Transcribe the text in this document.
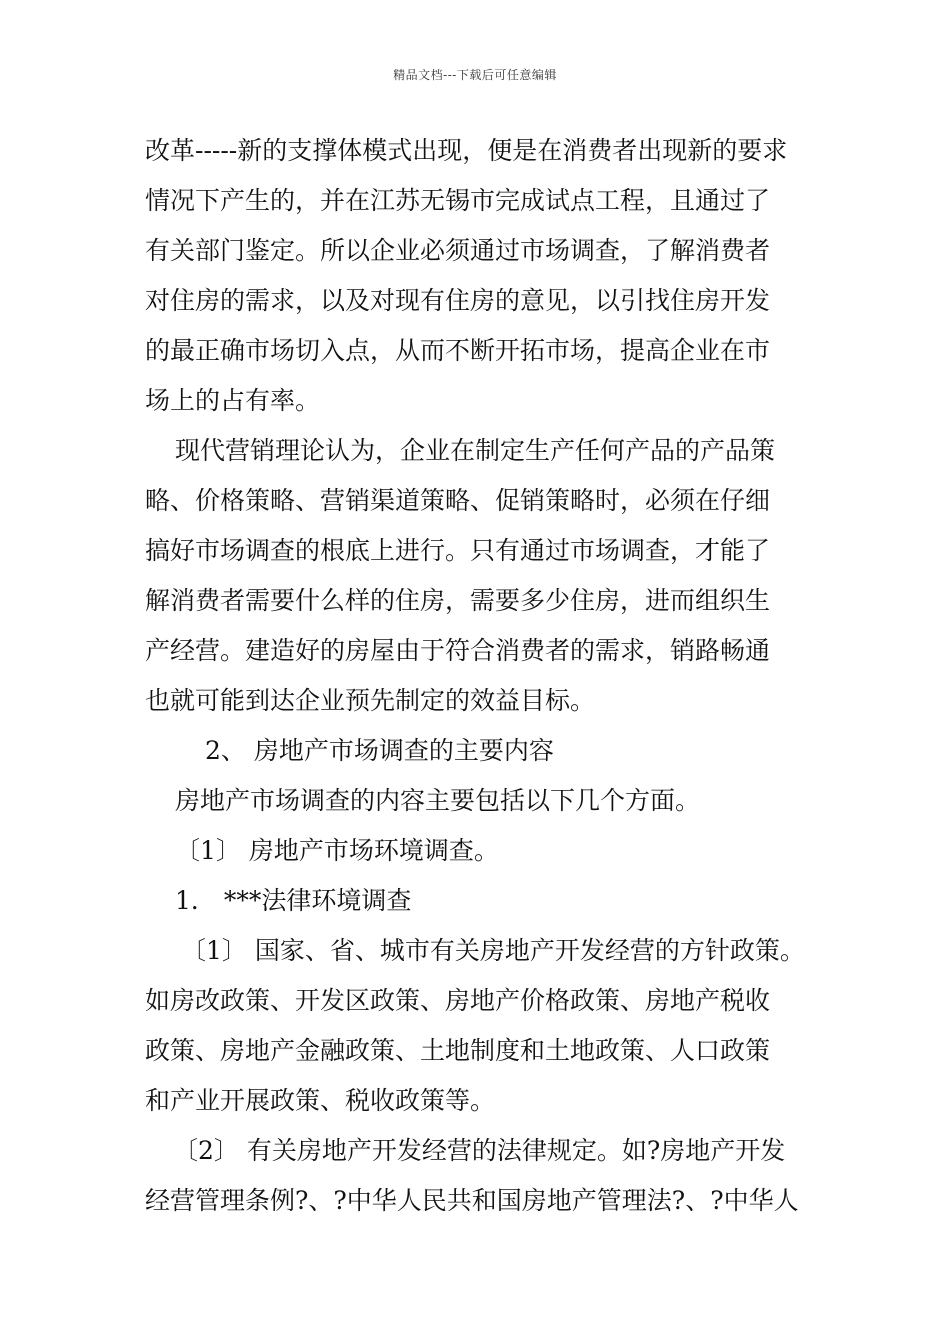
精品文档---下载后可任意编辑
改革-----新的支撑体模式出现，便是在消费者出现新的要求
情况下产生的，并在江苏无锡市完成试点工程，且通过了
有关部门鉴定。所以企业必须通过市场调查，了解消费者
对住房的需求，以及对现有住房的意见，以引找住房开发
的最正确市场切入点，从而不断开拓市场，提高企业在市
场上的占有率。
现代营销理论认为，企业在制定生产任何产品的产品策
略、价格策略、营销渠道策略、促销策略时，必须在仔细
搞好市场调查的根底上进行。只有通过市场调查，才能了
解消费者需要什么样的住房，需要多少住房，进而组织生
产经营。建造好的房屋由于符合消费者的需求，销路畅通
也就可能到达企业预先制定的效益目标。
2、 房地产市场调查的主要内容
房地产市场调查的内容主要包括以下几个方面。
〔1〕 房地产市场环境调查。
1． ***法律环境调查
〔1〕 国家、省、城市有关房地产开发经营的方针政策。
如房改政策、开发区政策、房地产价格政策、房地产税收
政策、房地产金融政策、土地制度和土地政策、人口政策
和产业开展政策、税收政策等。
〔2〕 有关房地产开发经营的法律规定。如?房地产开发
经营管理条例?、?中华人民共和国房地产管理法?、?中华人
